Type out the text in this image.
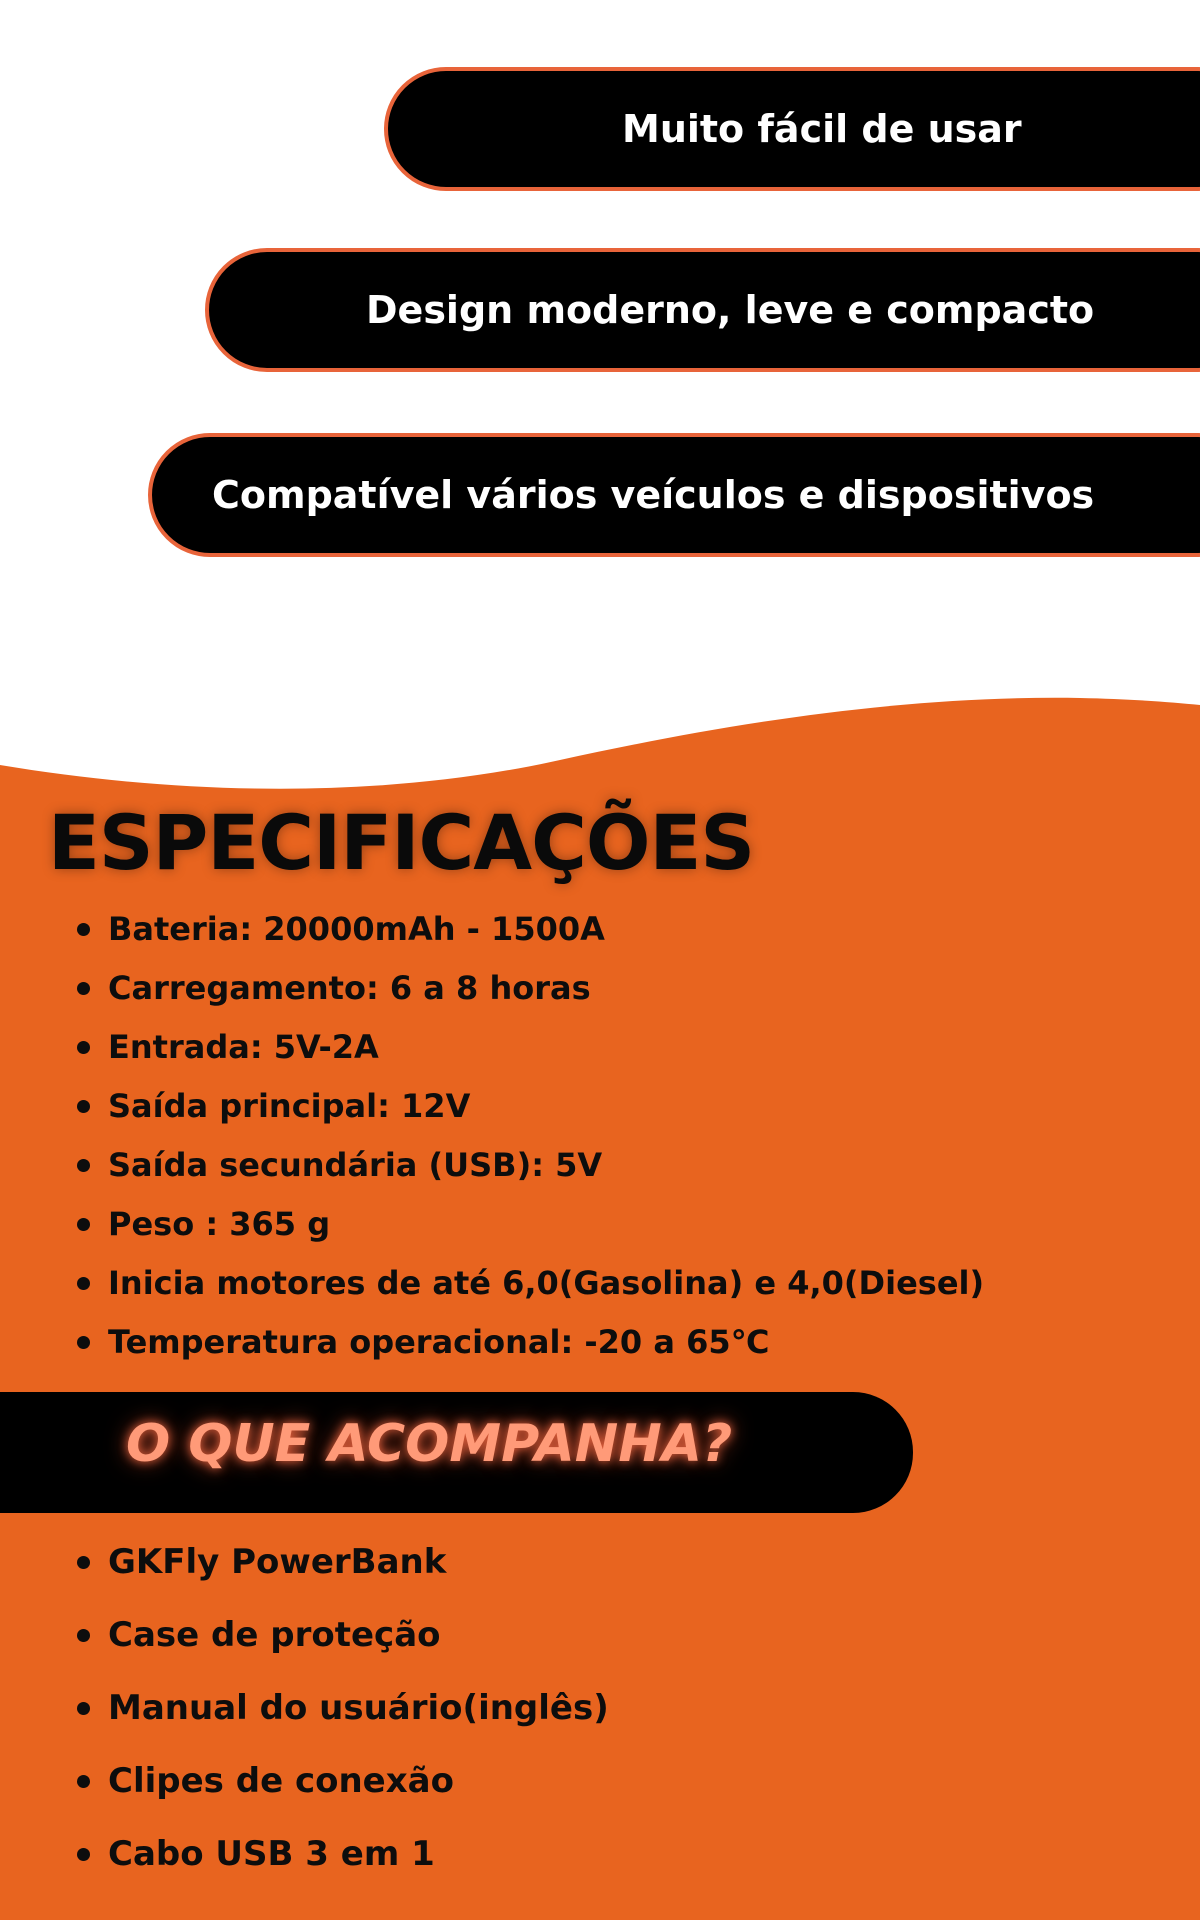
Muito fácil de usar
Design moderno, leve e compacto
Compatível vários veículos e dispositivos
ESPECIFICAÇÕES
Bateria: 20000mAh - 1500A
Carregamento: 6 a 8 horas
Entrada: 5V-2A
Saída principal: 12V
Saída secundária (USB): 5V
Peso : 365 g
Inicia motores de até 6,0(Gasolina) e 4,0(Diesel)
Temperatura operacional: -20 a 65℃
O QUE ACOMPANHA?
GKFly PowerBank
Case de proteção
Manual do usuário(inglês)
Clipes de conexão
Cabo USB 3 em 1
